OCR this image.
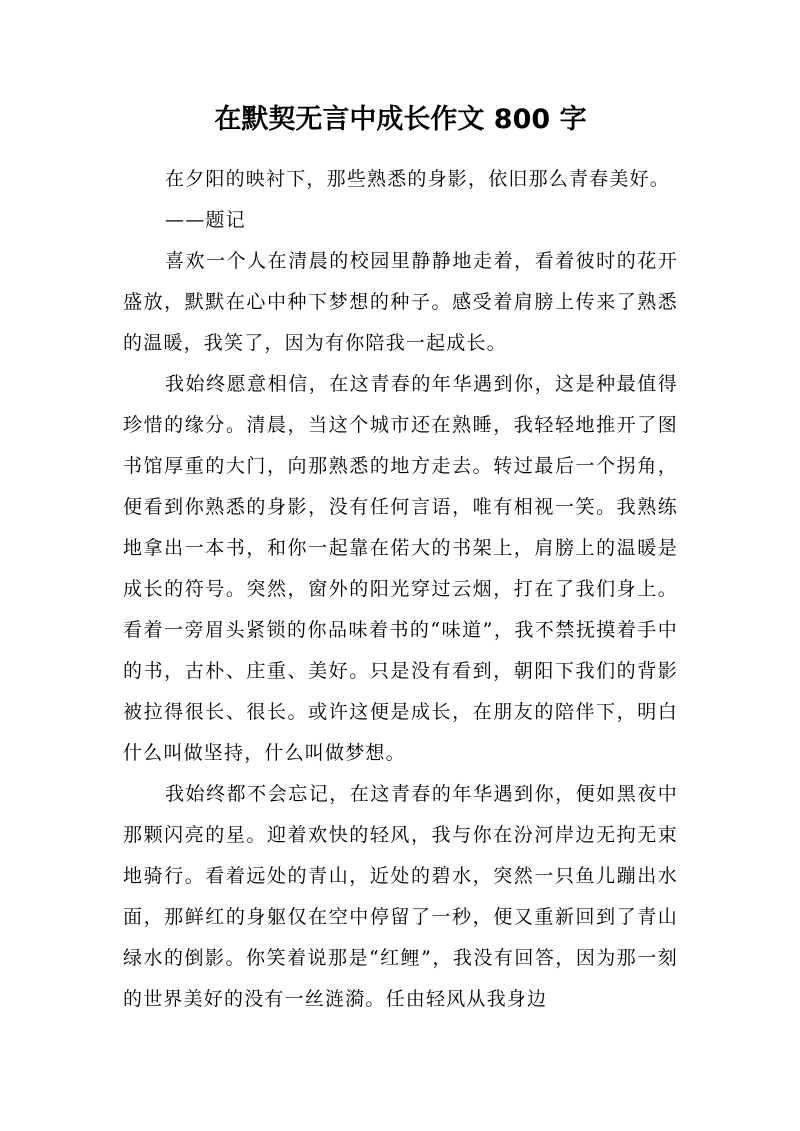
在默契无言中成长作文 800 字

在夕阳的映衬下，那些熟悉的身影，依旧那么青春美好。

——题记

喜欢一个人在清晨的校园里静静地走着，看着彼时的花开盛放，默默在心中种下梦想的种子。感受着肩膀上传来了熟悉的温暖，我笑了，因为有你陪我一起成长。

我始终愿意相信，在这青春的年华遇到你，这是种最值得珍惜的缘分。清晨，当这个城市还在熟睡，我轻轻地推开了图书馆厚重的大门，向那熟悉的地方走去。转过最后一个拐角，便看到你熟悉的身影，没有任何言语，唯有相视一笑。我熟练地拿出一本书，和你一起靠在偌大的书架上，肩膀上的温暖是成长的符号。突然，窗外的阳光穿过云烟，打在了我们身上。看着一旁眉头紧锁的你品味着书的“味道”，我不禁抚摸着手中的书，古朴、庄重、美好。只是没有看到，朝阳下我们的背影被拉得很长、很长。或许这便是成长，在朋友的陪伴下，明白什么叫做坚持，什么叫做梦想。

我始终都不会忘记，在这青春的年华遇到你，便如黑夜中那颗闪亮的星。迎着欢快的轻风，我与你在汾河岸边无拘无束地骑行。看着远处的青山，近处的碧水，突然一只鱼儿蹦出水面，那鲜红的身躯仅在空中停留了一秒，便又重新回到了青山绿水的倒影。你笑着说那是“红鲤”，我没有回答，因为那一刻的世界美好的没有一丝涟漪。任由轻风从我身边
